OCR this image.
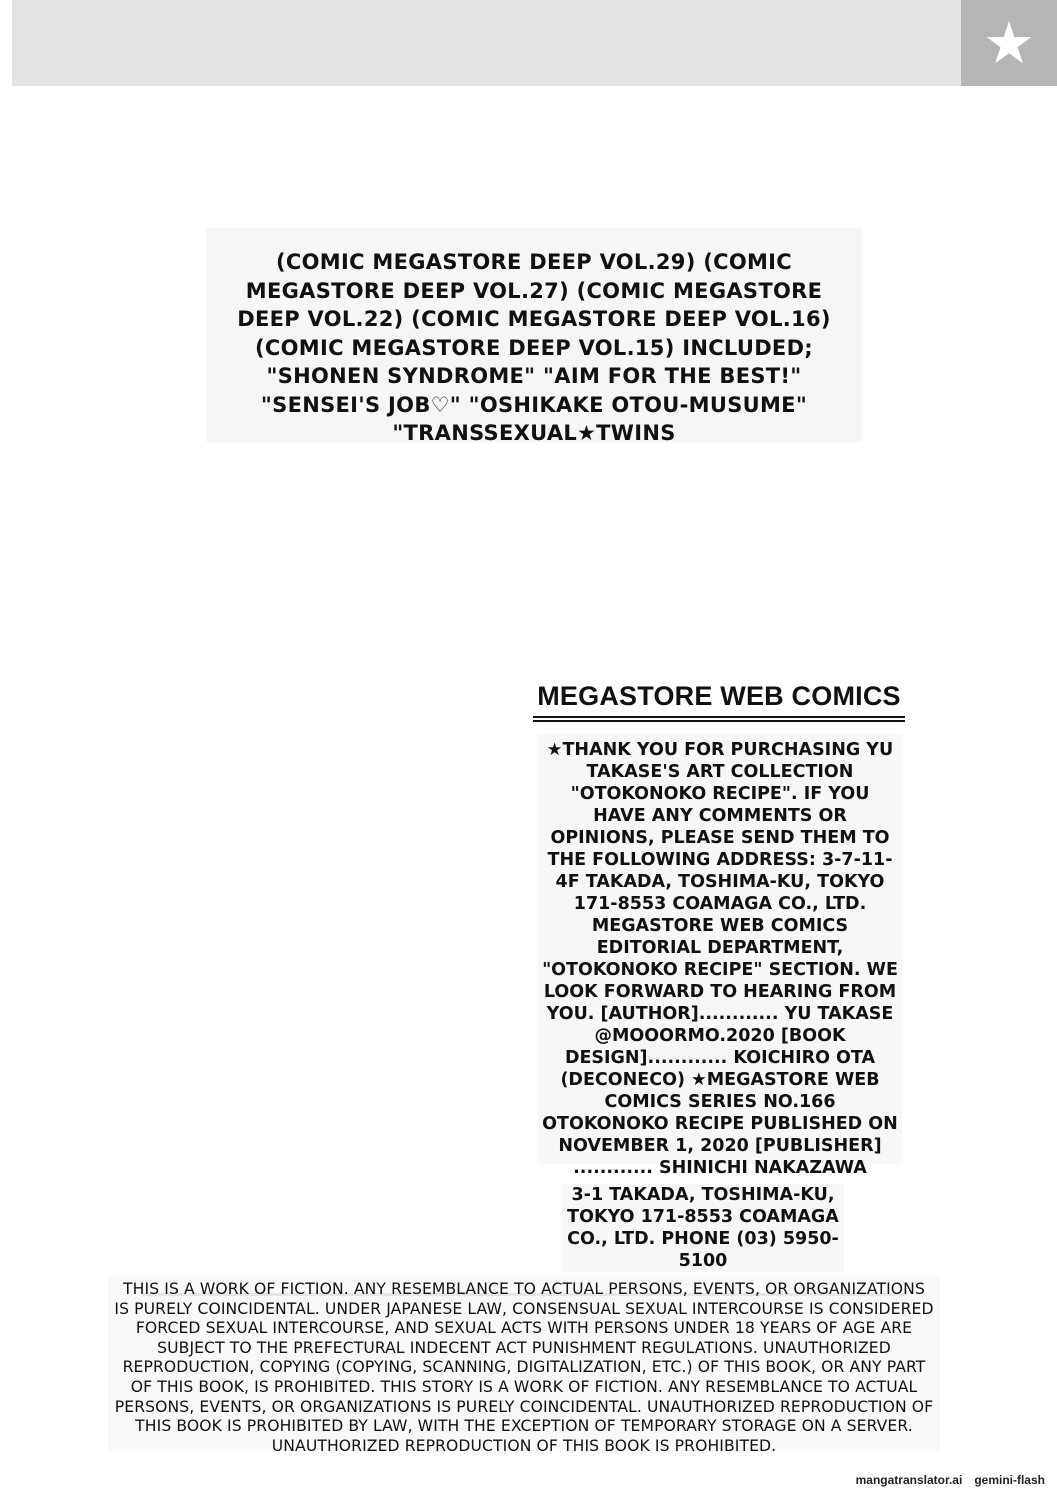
★
(COMIC MEGASTORE DEEP VOL.29) (COMIC MEGASTORE DEEP VOL.27) (COMIC MEGASTORE DEEP VOL.22) (COMIC MEGASTORE DEEP VOL.16) (COMIC MEGASTORE DEEP VOL.15) INCLUDED; "SHONEN SYNDROME" "AIM FOR THE BEST!" "SENSEI'S JOB♡" "OSHIKAKE OTOU-MUSUME" "TRANSSEXUAL★TWINS
MEGASTORE WEB COMICS
★THANK YOU FOR PURCHASING YU TAKASE'S ART COLLECTION "OTOKONOKO RECIPE". IF YOU HAVE ANY COMMENTS OR OPINIONS, PLEASE SEND THEM TO THE FOLLOWING ADDRESS: 3-7-11-4F TAKADA, TOSHIMA-KU, TOKYO 171-8553 COAMAGA CO., LTD. MEGASTORE WEB COMICS EDITORIAL DEPARTMENT, "OTOKONOKO RECIPE" SECTION. WE LOOK FORWARD TO HEARING FROM YOU. [AUTHOR]............ YU TAKASE @MOOORMO.2020 [BOOK DESIGN]............ KOICHIRO OTA (DECONECO) ★MEGASTORE WEB COMICS SERIES NO.166 OTOKONOKO RECIPE PUBLISHED ON NOVEMBER 1, 2020 [PUBLISHER] ............ SHINICHI NAKAZAWA
3-1 TAKADA, TOSHIMA-KU, TOKYO 171-8553 COAMAGA CO., LTD. PHONE (03) 5950-5100
THIS IS A WORK OF FICTION. ANY RESEMBLANCE TO ACTUAL PERSONS, EVENTS, OR ORGANIZATIONS IS PURELY COINCIDENTAL. UNDER JAPANESE LAW, CONSENSUAL SEXUAL INTERCOURSE IS CONSIDERED FORCED SEXUAL INTERCOURSE, AND SEXUAL ACTS WITH PERSONS UNDER 18 YEARS OF AGE ARE SUBJECT TO THE PREFECTURAL INDECENT ACT PUNISHMENT REGULATIONS. UNAUTHORIZED REPRODUCTION, COPYING (COPYING, SCANNING, DIGITALIZATION, ETC.) OF THIS BOOK, OR ANY PART OF THIS BOOK, IS PROHIBITED. THIS STORY IS A WORK OF FICTION. ANY RESEMBLANCE TO ACTUAL PERSONS, EVENTS, OR ORGANIZATIONS IS PURELY COINCIDENTAL. UNAUTHORIZED REPRODUCTION OF THIS BOOK IS PROHIBITED BY LAW, WITH THE EXCEPTION OF TEMPORARY STORAGE ON A SERVER. UNAUTHORIZED REPRODUCTION OF THIS BOOK IS PROHIBITED.
mangatranslator.ai gemini-flash
